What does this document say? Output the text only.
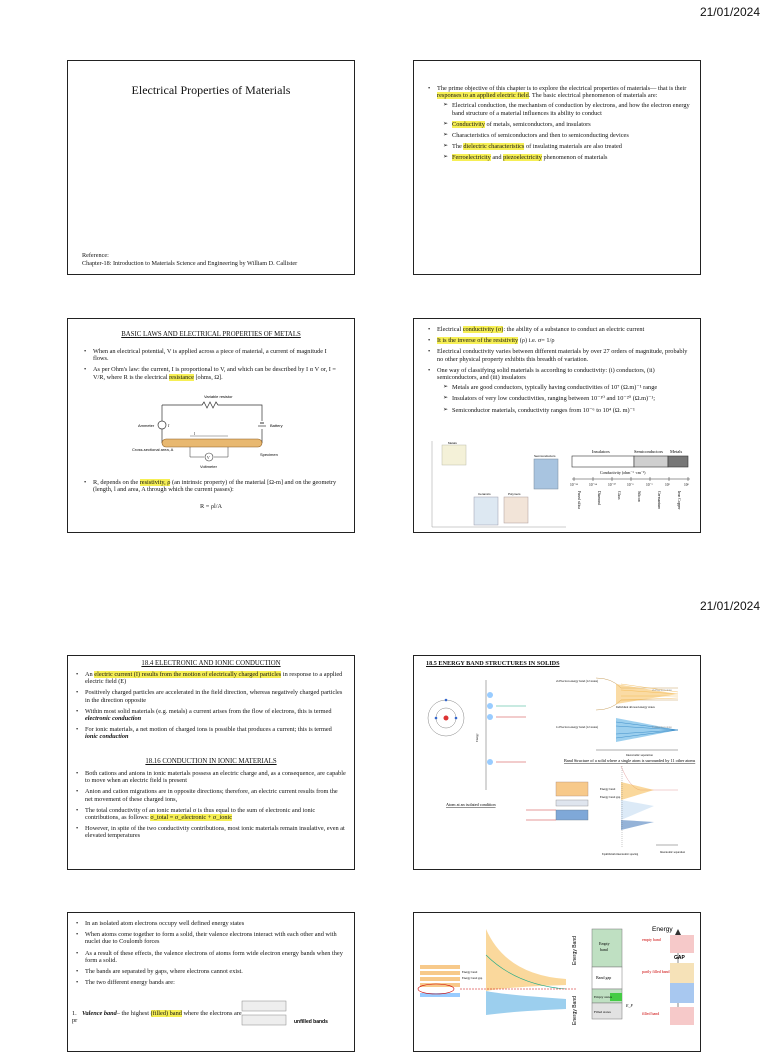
21/01/2024
21/01/2024
Electrical Properties of Materials
Reference:
Chapter-18: Introduction to Materials Science and Engineering by William D. Callister
• The prime objective of this chapter is to explore the electrical properties of materials— that is their responses to an applied electric field. The basic electrical phenomenon of materials are:
➢ Electrical conduction, the mechanism of conduction by electrons, and how the electron energy band structure of a material influences its ability to conduct
➢ Conductivity of metals, semiconductors, and insulators
➢ Characteristics of semiconductors and then to semiconducting devices
➢ The dielectric characteristics of insulating materials are also treated
➢ Ferroelectricity and piezoelectricity phenomenon of materials
BASIC LAWS AND ELECTRICAL PROPERTIES OF METALS
• When an electrical potential, V is applied across a piece of material, a current of magnitude I flows.
• As per Ohm's law: the current, I is proportional to V, and which can be described by I α V or, I = V/R, where R is the electrical resistance [ohms, Ω].
Variable resistor
Ammeter	I	Battery
l
V
Voltmeter
Cross-sectional area, A
Specimen
• R, depends on the resistivity, ρ (an intrinsic property) of the material [Ω-m] and on the geometry (length, l and area, A through which the current passes):
R = ρl/A
• Electrical conductivity (σ): the ability of a substance to conduct an electric current
• It is the inverse of the resistivity (ρ) i.e. σ= 1/ρ
• Electrical conductivity varies between different materials by over 27 orders of magnitude, probably no other physical property exhibits this breadth of variation.
• One way of classifying solid materials is according to conductivity: (i) conductors, (ii) semiconductors, and (iii) insulators
➢ Metals are good conductors, typically having conductivities of 10⁷ (Ω.m)⁻¹ range
➢ Insulators of very low conductivities, ranging between 10⁻¹⁰ and 10⁻²⁰ (Ω.m)⁻¹;
➢ Semiconductor materials, conductivity ranges from 10⁻⁶ to 10⁴ (Ω. m)⁻¹
Metals
Semiconductors
Ceramics	Polymers
Insulators	Semiconductors Metals
Conductivity (ohm⁻¹ ·cm⁻¹)
10⁻¹⁸	10⁻¹⁴	10⁻¹⁰	10⁻⁶	10⁻²	10²	10⁶
Fused silica	Diamond	Glass	Silicon	Germanium	Iron Copper
18.4 ELECTRONIC AND IONIC CONDUCTION
• An electric current (I) results from the motion of electrically charged particles in response to a applied electric field (E)
• Positively charged particles are accelerated in the field direction, whereas negatively charged particles in the direction opposite
• Within most solid materials (e.g. metals) a current arises from the flow of electrons, this is termed electronic conduction
• For ionic materials, a net motion of charged ions is possible that produces a current; this is termed ionic conduction
18.16 CONDUCTION IN IONIC MATERIALS
• Both cations and anions in ionic materials possess an electric charge and, as a consequence, are capable to move when an electric field is present
• Anion and cation migrations are in opposite directions; therefore, an electric current results from the net movement of these charged ions,
• The total conductivity of an ionic material σ is thus equal to the sum of electronic and ionic contributions, as follows: σ_total = σ_electronic + σ_ionic
• However, in spite of the two conductivity contributions, most ionic materials remain insulative, even at elevated temperatures
18.5 ENERGY BAND STRUCTURES IN SOLIDS
Energy
2s Electron energy band (12 states)
2s Electron state
Individual allowed energy states
1s Electron energy band (12 states)	1s Electron state
Interatomic separation
Band Structure of a solid where a single atom is surrounded by 11 other atoms
Energy band
Energy band gap
Equilibrium interatomic spacing
Interatomic separation
Atom at an isolated condition
• In an isolated atom electrons occupy well defined energy states
• When atoms come together to form a solid, their valence electrons interact with each other and with nuclei due to Coulomb forces
• As a result of these effects, the valence electrons of atoms form wide electron energy bands when they form a solid.
• The bands are separated by gaps, where electrons cannot exist.
• The two different energy bands are:
1. Valence band– the highest (filled) band where the electrons are pr	unfilled bands
Energy band
Energy band gap
Energy Band
Energy Band
Empty
band
Band gap
Empty states
Filled states
E_F
Energy
empty band
GAP
partly filled band
filled band
